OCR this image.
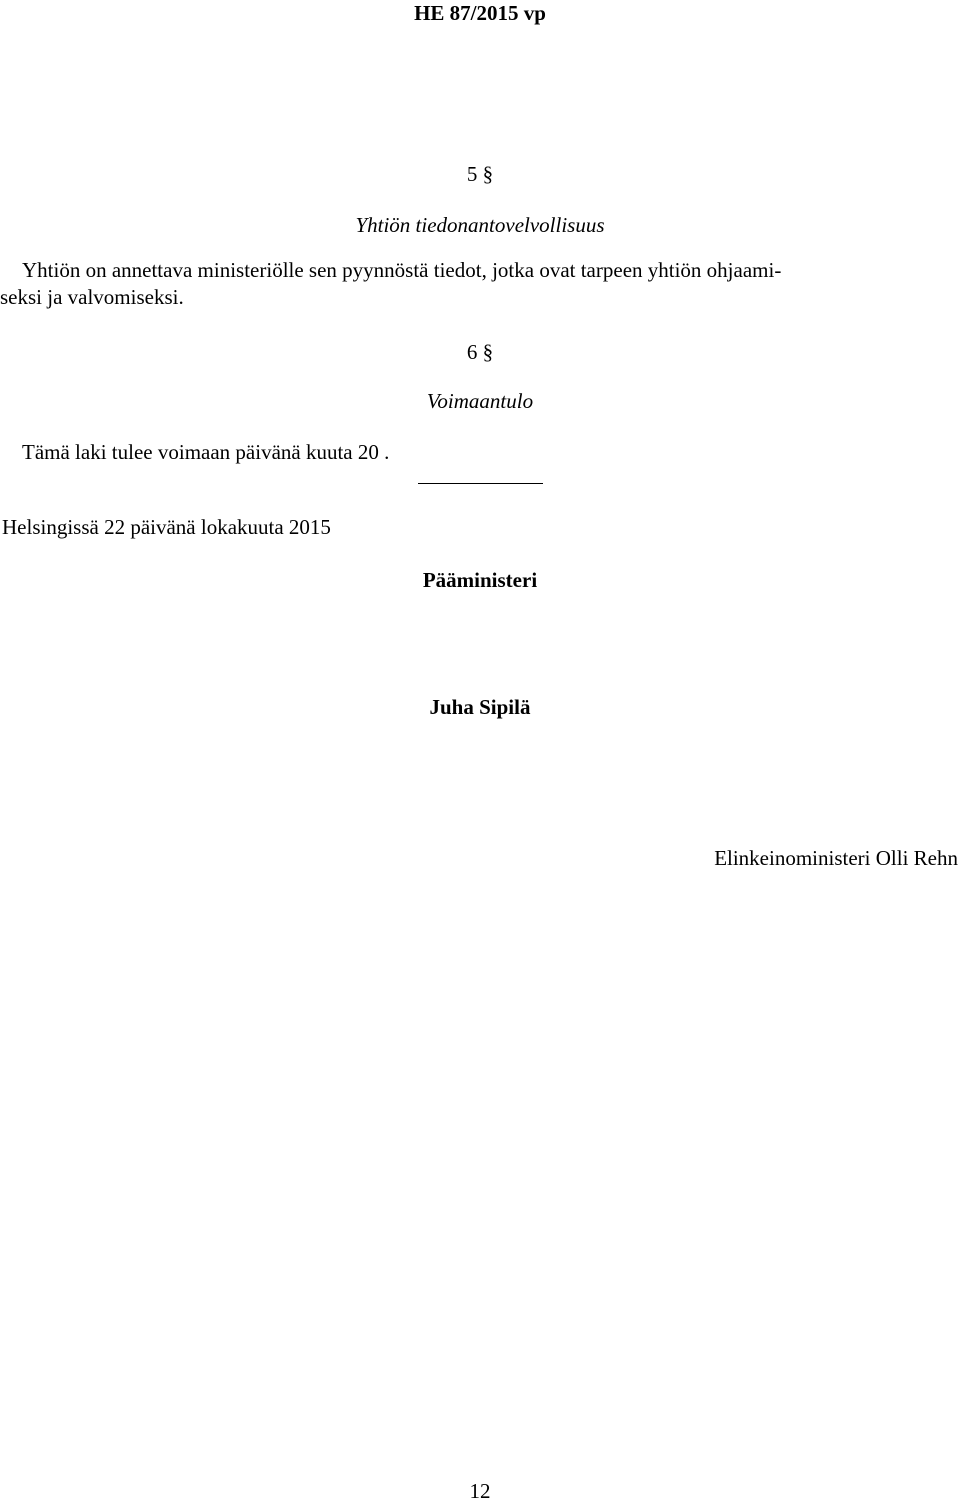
HE 87/2015 vp
5 §
Yhtiön tiedonantovelvollisuus
Yhtiön on annettava ministeriölle sen pyynnöstä tiedot, jotka ovat tarpeen yhtiön ohjaami-
seksi ja valvomiseksi.
6 §
Voimaantulo
Tämä laki tulee voimaan päivänä kuuta 20 .
Helsingissä 22 päivänä lokakuuta 2015
Pääministeri
Juha Sipilä
Elinkeinoministeri Olli Rehn
12
